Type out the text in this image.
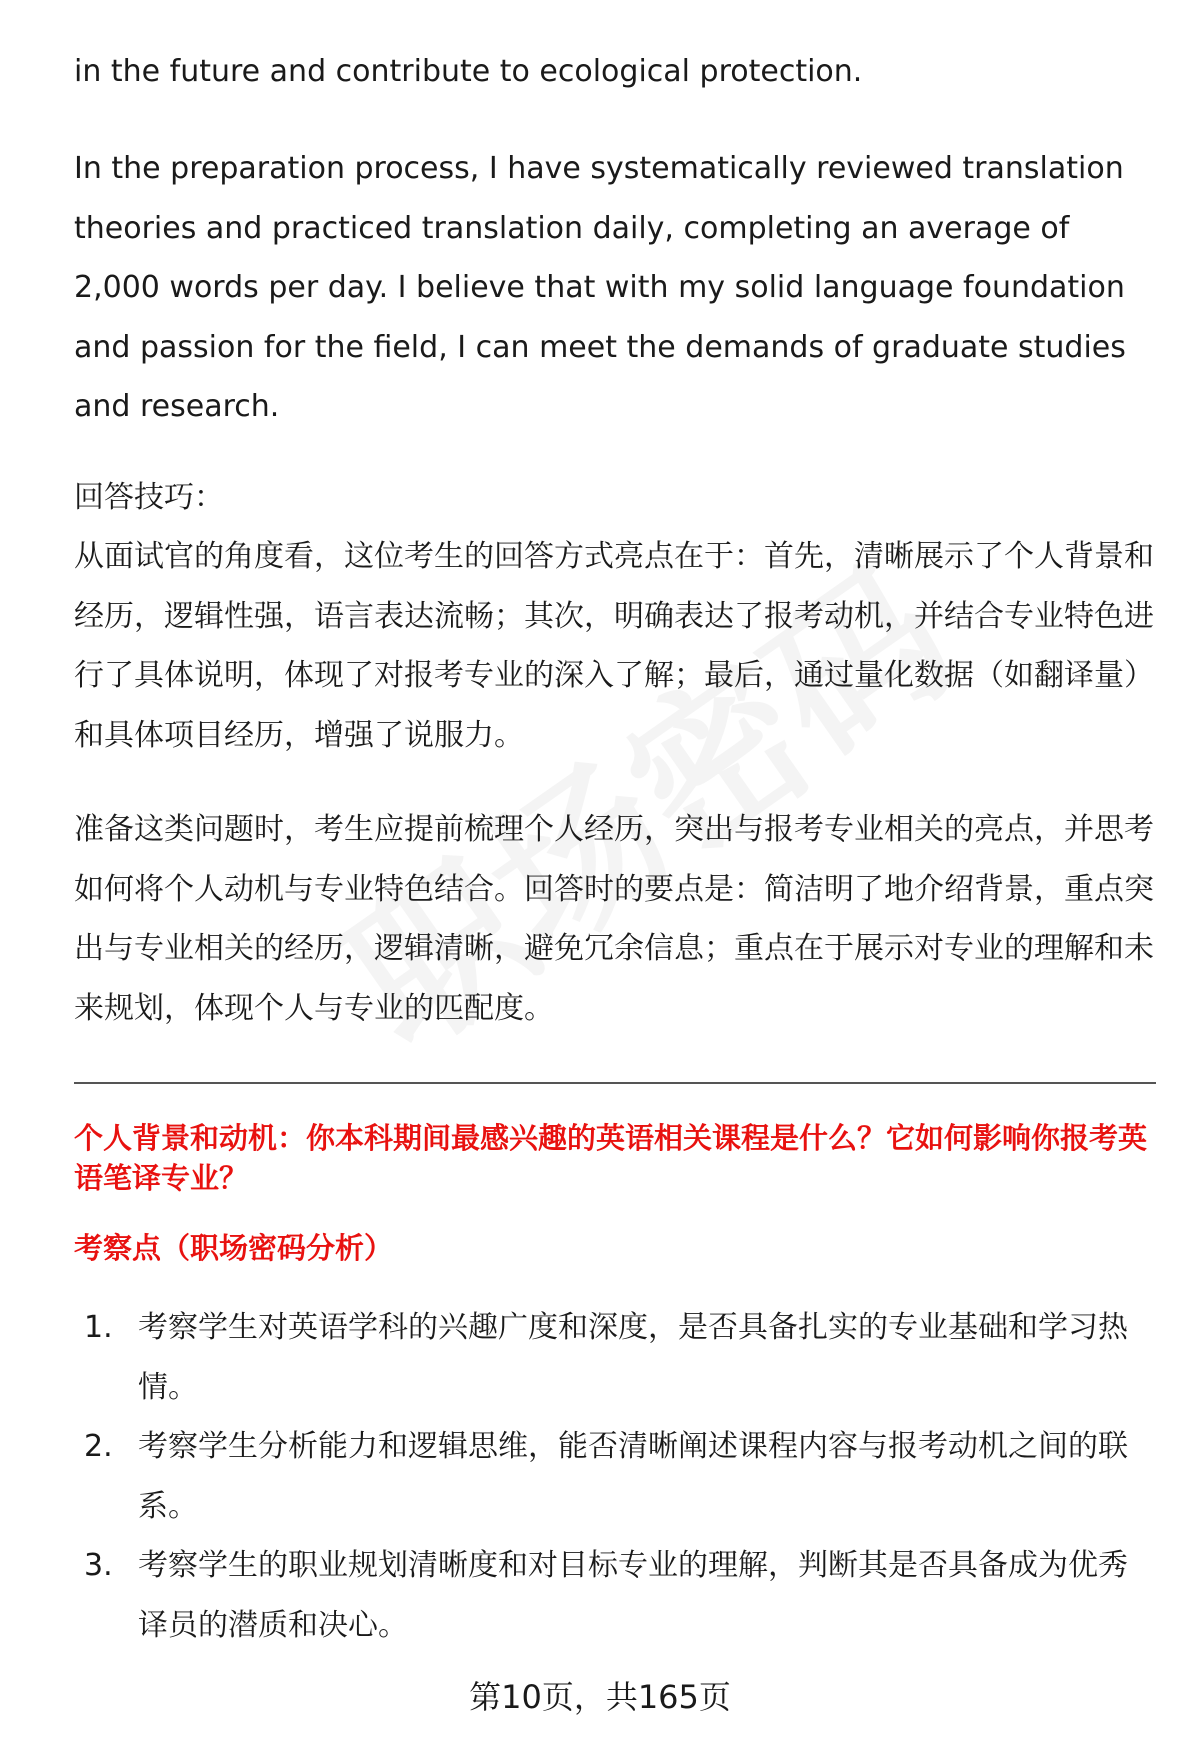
in the future and contribute to ecological protection.

In the preparation process, I have systematically reviewed translation theories and practiced translation daily, completing an average of 2,000 words per day. I believe that with my solid language foundation and passion for the field, I can meet the demands of graduate studies and research.

回答技巧：

从面试官的角度看，这位考生的回答方式亮点在于：首先，清晰展示了个人背景和经历，逻辑性强，语言表达流畅；其次，明确表达了报考动机，并结合专业特色进行了具体说明，体现了对报考专业的深入了解；最后，通过量化数据（如翻译量）和具体项目经历，增强了说服力。

准备这类问题时，考生应提前梳理个人经历，突出与报考专业相关的亮点，并思考如何将个人动机与专业特色结合。回答时的要点是：简洁明了地介绍背景，重点突出与专业相关的经历，逻辑清晰，避免冗余信息；重点在于展示对专业的理解和未来规划，体现个人与专业的匹配度。

个人背景和动机：你本科期间最感兴趣的英语相关课程是什么？它如何影响你报考英语笔译专业？

考察点（职场密码分析）

1. 考察学生对英语学科的兴趣广度和深度，是否具备扎实的专业基础和学习热情。
2. 考察学生分析能力和逻辑思维，能否清晰阐述课程内容与报考动机之间的联系。
3. 考察学生的职业规划清晰度和对目标专业的理解，判断其是否具备成为优秀译员的潜质和决心。
第10页，共165页
